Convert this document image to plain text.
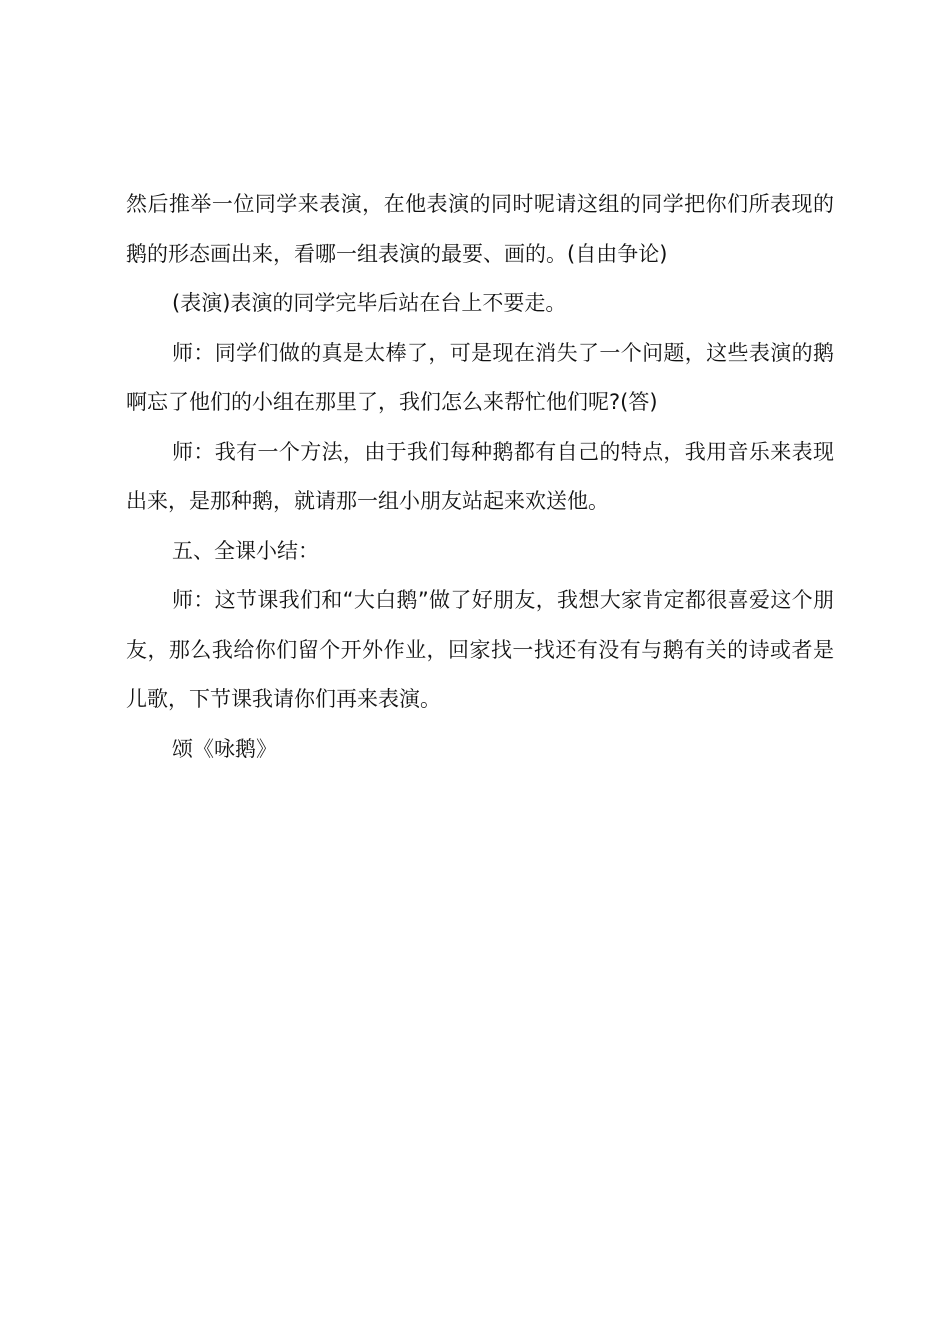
然后推举一位同学来表演，在他表演的同时呢请这组的同学把你们所表现的鹅的形态画出来，看哪一组表演的最要、画的。(自由争论)

(表演)表演的同学完毕后站在台上不要走。

师：同学们做的真是太棒了，可是现在消失了一个问题，这些表演的鹅啊忘了他们的小组在那里了，我们怎么来帮忙他们呢?(答)

师：我有一个方法，由于我们每种鹅都有自己的特点，我用音乐来表现出来，是那种鹅，就请那一组小朋友站起来欢送他。

五、全课小结：

师：这节课我们和“大白鹅”做了好朋友，我想大家肯定都很喜爱这个朋友，那么我给你们留个开外作业，回家找一找还有没有与鹅有关的诗或者是儿歌，下节课我请你们再来表演。

颂《咏鹅》
